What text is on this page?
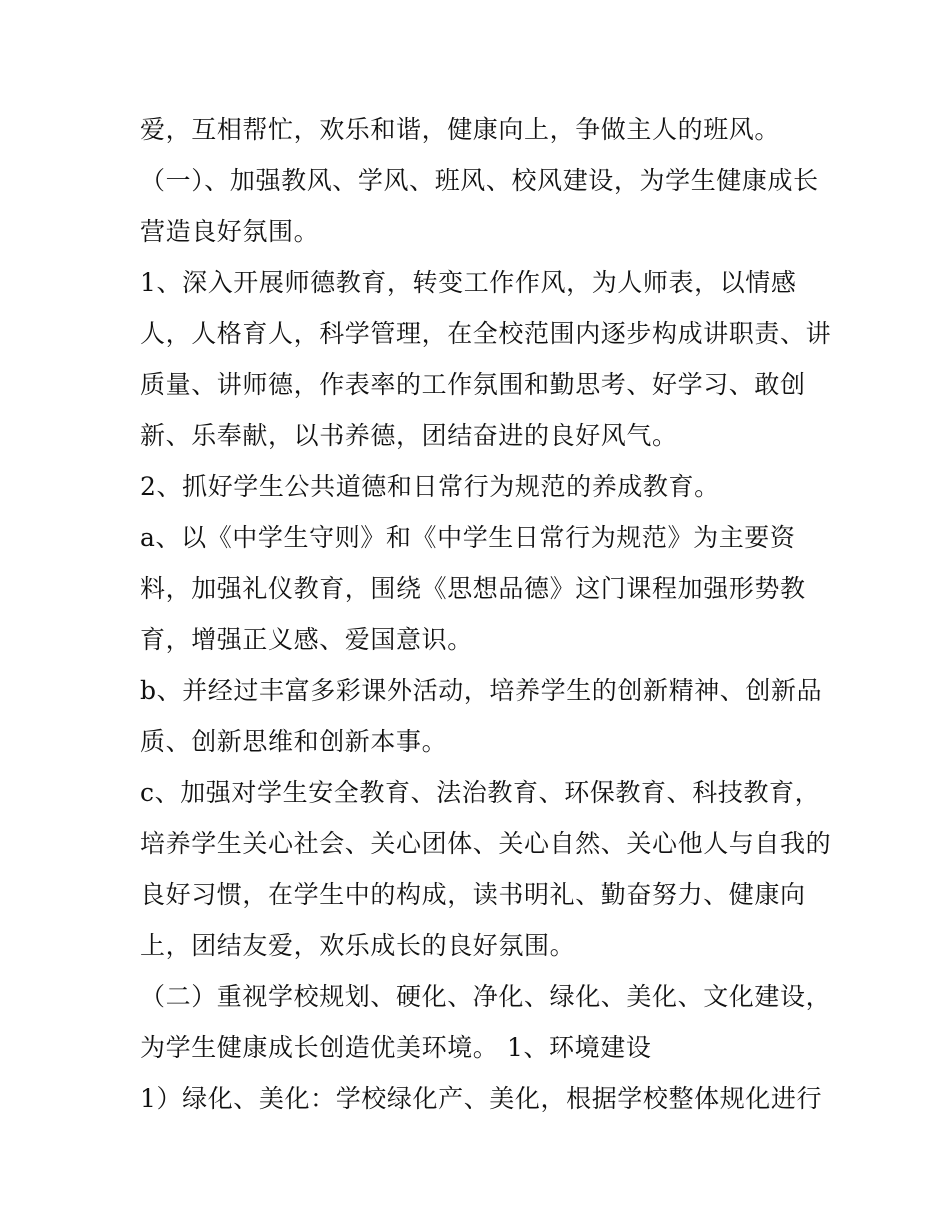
爱，互相帮忙，欢乐和谐，健康向上，争做主人的班风。

（一）、加强教风、学风、班风、校风建设，为学生健康成长

营造良好氛围。

1、深入开展师德教育，转变工作作风，为人师表，以情感

人，人格育人，科学管理，在全校范围内逐步构成讲职责、讲

质量、讲师德，作表率的工作氛围和勤思考、好学习、敢创

新、乐奉献，以书养德，团结奋进的良好风气。

2、抓好学生公共道德和日常行为规范的养成教育。

a、以《中学生守则》和《中学生日常行为规范》为主要资

料，加强礼仪教育，围绕《思想品德》这门课程加强形势教

育，增强正义感、爱国意识。

b、并经过丰富多彩课外活动，培养学生的创新精神、创新品

质、创新思维和创新本事。

c、加强对学生安全教育、法治教育、环保教育、科技教育，

培养学生关心社会、关心团体、关心自然、关心他人与自我的

良好习惯，在学生中的构成，读书明礼、勤奋努力、健康向

上，团结友爱，欢乐成长的良好氛围。

（二）重视学校规划、硬化、净化、绿化、美化、文化建设，

为学生健康成长创造优美环境。 1、环境建设

1）绿化、美化：学校绿化产、美化，根据学校整体规化进行
